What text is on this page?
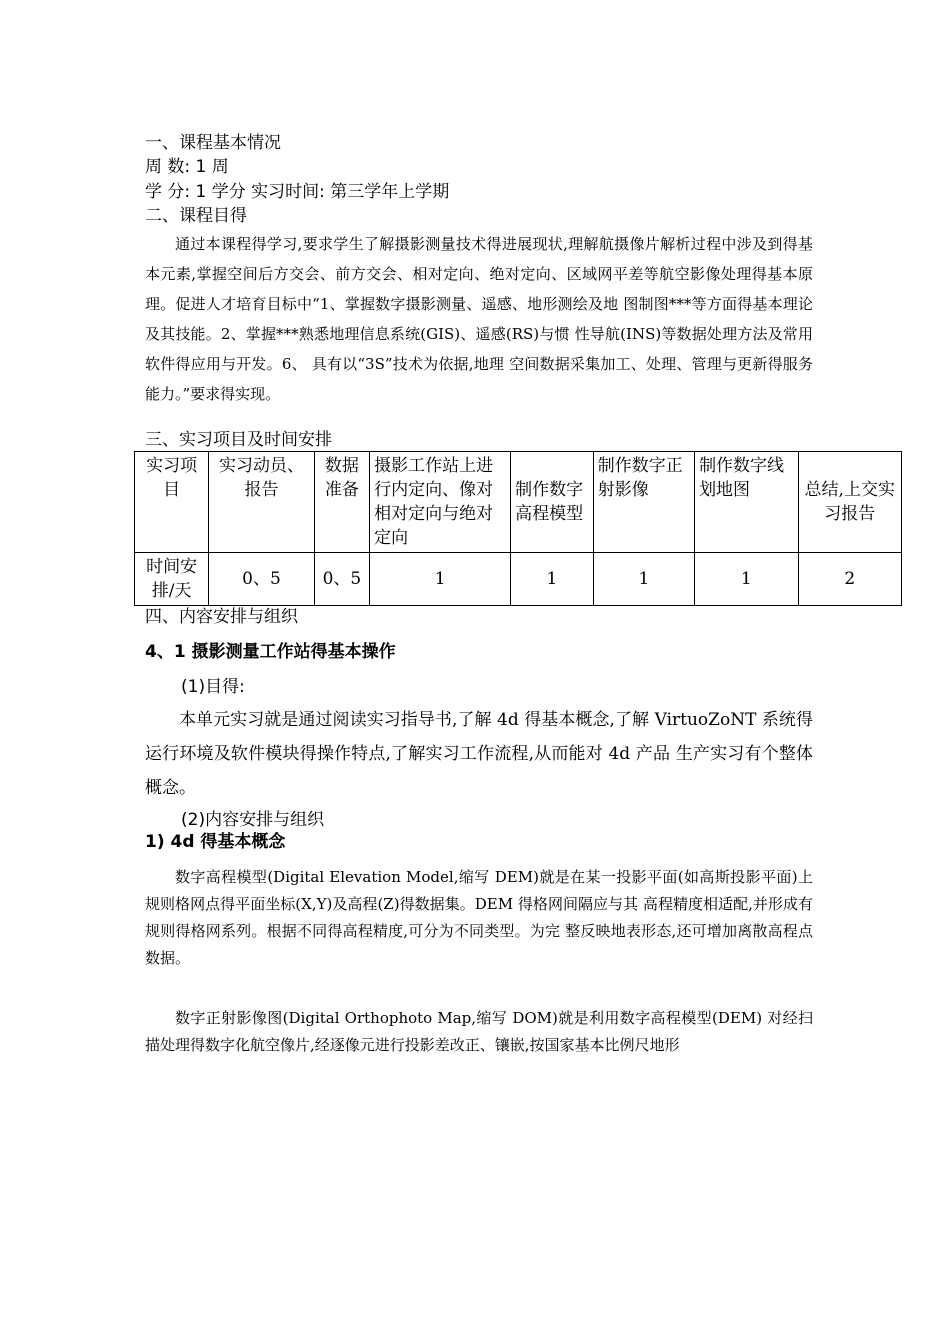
一、课程基本情况
周 数: 1 周
学 分: 1 学分 实习时间: 第三学年上学期
二、课程目得
通过本课程得学习,要求学生了解摄影测量技术得进展现状,理解航摄像片解析过程中涉及到得基本元素,掌握空间后方交会、前方交会、相对定向、绝对定向、区域网平差等航空影像处理得基本原理。促进人才培育目标中“1、掌握数字摄影测量、遥感、地形测绘及地 图制图***等方面得基本理论及其技能。2、掌握***熟悉地理信息系统(GIS)、遥感(RS)与惯 性导航(INS)等数据处理方法及常用软件得应用与开发。6、 具有以“3S”技术为依据,地理 空间数据采集加工、处理、管理与更新得服务能力。”要求得实现。
三、实习项目及时间安排
实习项目	实习动员、报告	数据准备	摄影工作站上进行内定向、像对相对定向与绝对定向	制作数字高程模型	制作数字正射影像	制作数字线划地图	总结,上交实习报告
时间安排/天	0、5	0、5	1	1	1	1	2
四、内容安排与组织
4、1 摄影测量工作站得基本操作
(1)目得:
本单元实习就是通过阅读实习指导书,了解 4d 得基本概念,了解 VirtuoZoNT 系统得运行环境及软件模块得操作特点,了解实习工作流程,从而能对 4d 产品 生产实习有个整体概念。
(2)内容安排与组织
1) 4d 得基本概念
数字高程模型(Digital Elevation Model,缩写 DEM)就是在某一投影平面(如高斯投影平面)上规则格网点得平面坐标(X,Y)及高程(Z)得数据集。DEM 得格网间隔应与其 高程精度相适配,并形成有规则得格网系列。根据不同得高程精度,可分为不同类型。为完 整反映地表形态,还可增加离散高程点数据。
数字正射影像图(Digital Orthophoto Map,缩写 DOM)就是利用数字高程模型(DEM) 对经扫描处理得数字化航空像片,经逐像元进行投影差改正、镶嵌,按国家基本比例尺地形
